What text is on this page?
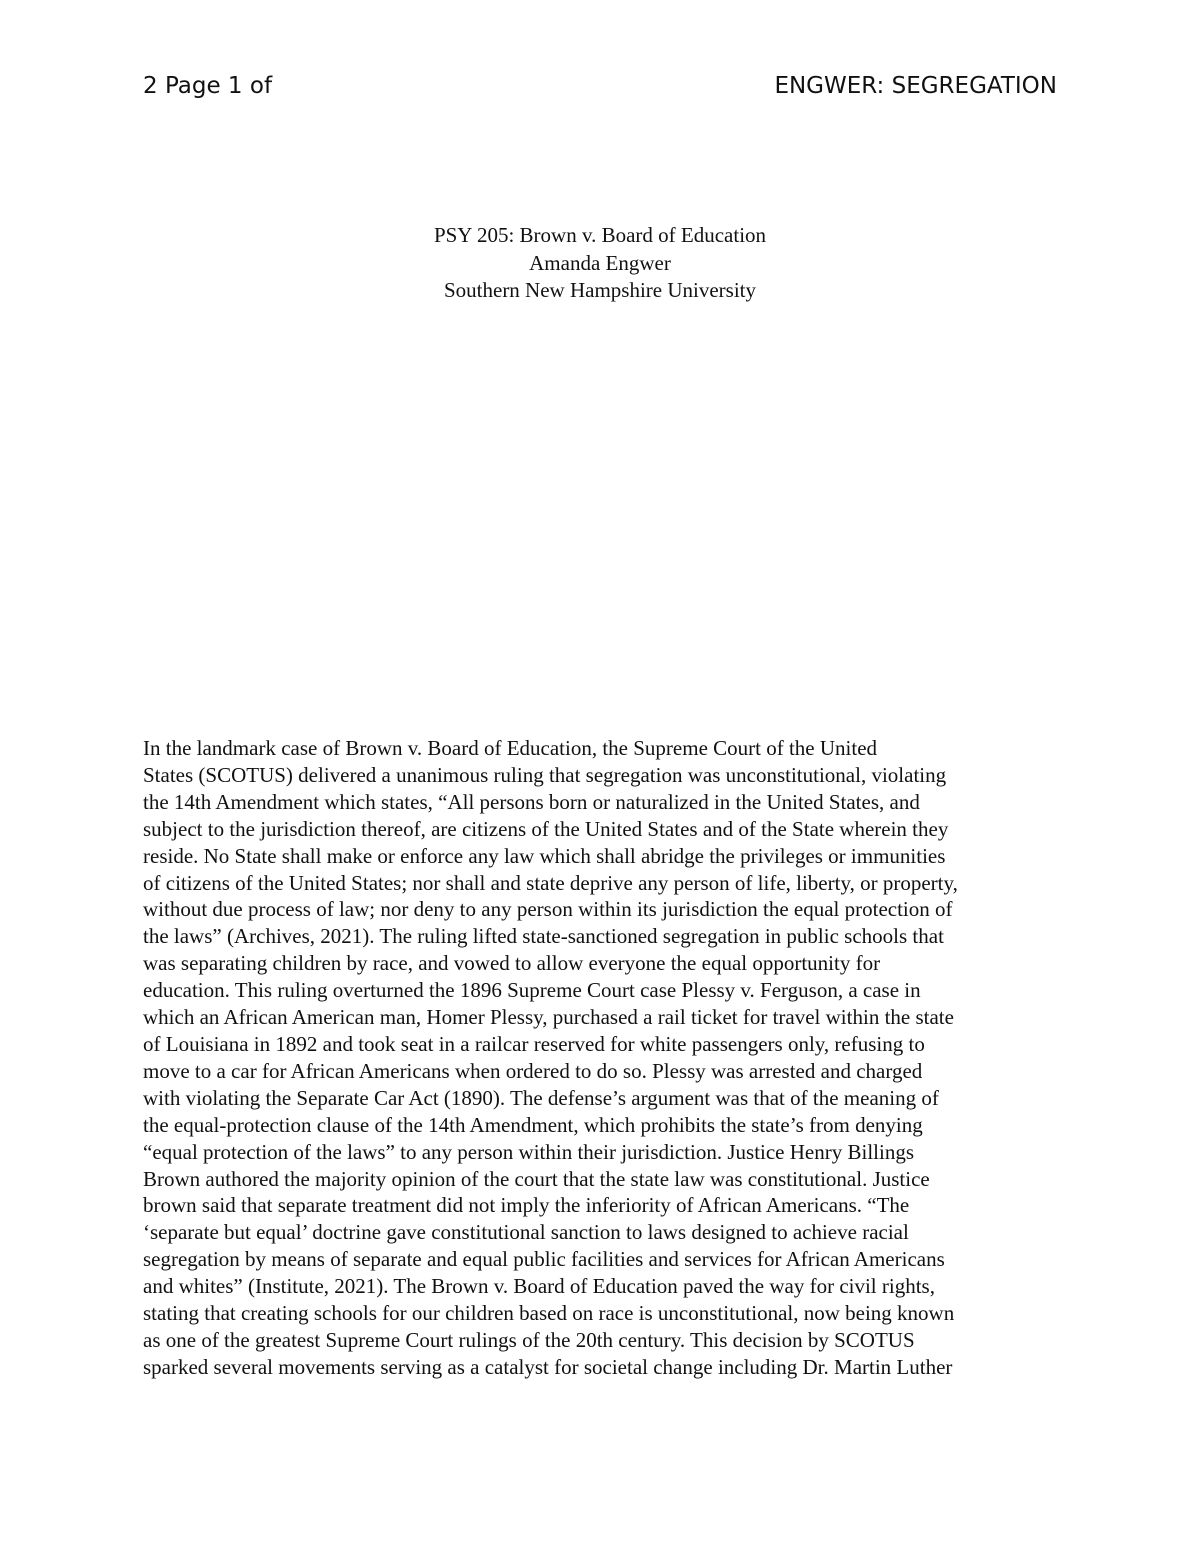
2 Page 1 of	ENGWER: SEGREGATION
PSY 205: Brown v. Board of Education
Amanda Engwer
Southern New Hampshire University
In the landmark case of Brown v. Board of Education, the Supreme Court of the United
States (SCOTUS) delivered a unanimous ruling that segregation was unconstitutional, violating
the 14th Amendment which states, “All persons born or naturalized in the United States, and
subject to the jurisdiction thereof, are citizens of the United States and of the State wherein they
reside. No State shall make or enforce any law which shall abridge the privileges or immunities
of citizens of the United States; nor shall and state deprive any person of life, liberty, or property,
without due process of law; nor deny to any person within its jurisdiction the equal protection of
the laws” (Archives, 2021). The ruling lifted state-sanctioned segregation in public schools that
was separating children by race, and vowed to allow everyone the equal opportunity for
education. This ruling overturned the 1896 Supreme Court case Plessy v. Ferguson, a case in
which an African American man, Homer Plessy, purchased a rail ticket for travel within the state
of Louisiana in 1892 and took seat in a railcar reserved for white passengers only, refusing to
move to a car for African Americans when ordered to do so. Plessy was arrested and charged
with violating the Separate Car Act (1890). The defense’s argument was that of the meaning of
the equal-protection clause of the 14th Amendment, which prohibits the state’s from denying
“equal protection of the laws” to any person within their jurisdiction. Justice Henry Billings
Brown authored the majority opinion of the court that the state law was constitutional. Justice
brown said that separate treatment did not imply the inferiority of African Americans. “The
‘separate but equal’ doctrine gave constitutional sanction to laws designed to achieve racial
segregation by means of separate and equal public facilities and services for African Americans
and whites” (Institute, 2021). The Brown v. Board of Education paved the way for civil rights,
stating that creating schools for our children based on race is unconstitutional, now being known
as one of the greatest Supreme Court rulings of the 20th century. This decision by SCOTUS
sparked several movements serving as a catalyst for societal change including Dr. Martin Luther
